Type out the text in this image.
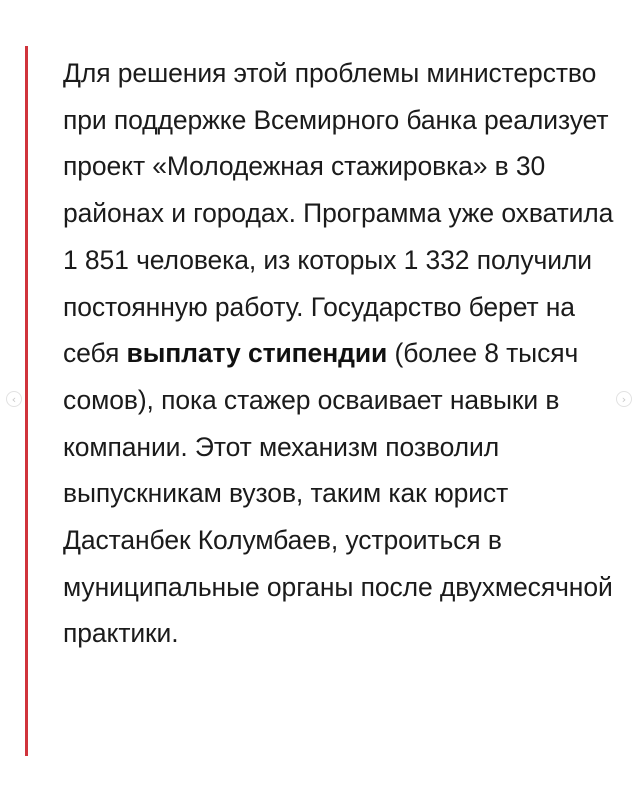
Для решения этой проблемы министерство при поддержке Всемирного банка реализует проект «Молодежная стажировка» в 30 районах и городах. Программа уже охватила 1 851 человека, из которых 1 332 получили постоянную работу. Государство берет на себя выплату стипендии (более 8 тысяч сомов), пока стажер осваивает навыки в компании. Этот механизм позволил выпускникам вузов, таким как юрист Дастанбек Колумбаев, устроиться в муниципальные органы после двухмесячной практики.

‹	›
